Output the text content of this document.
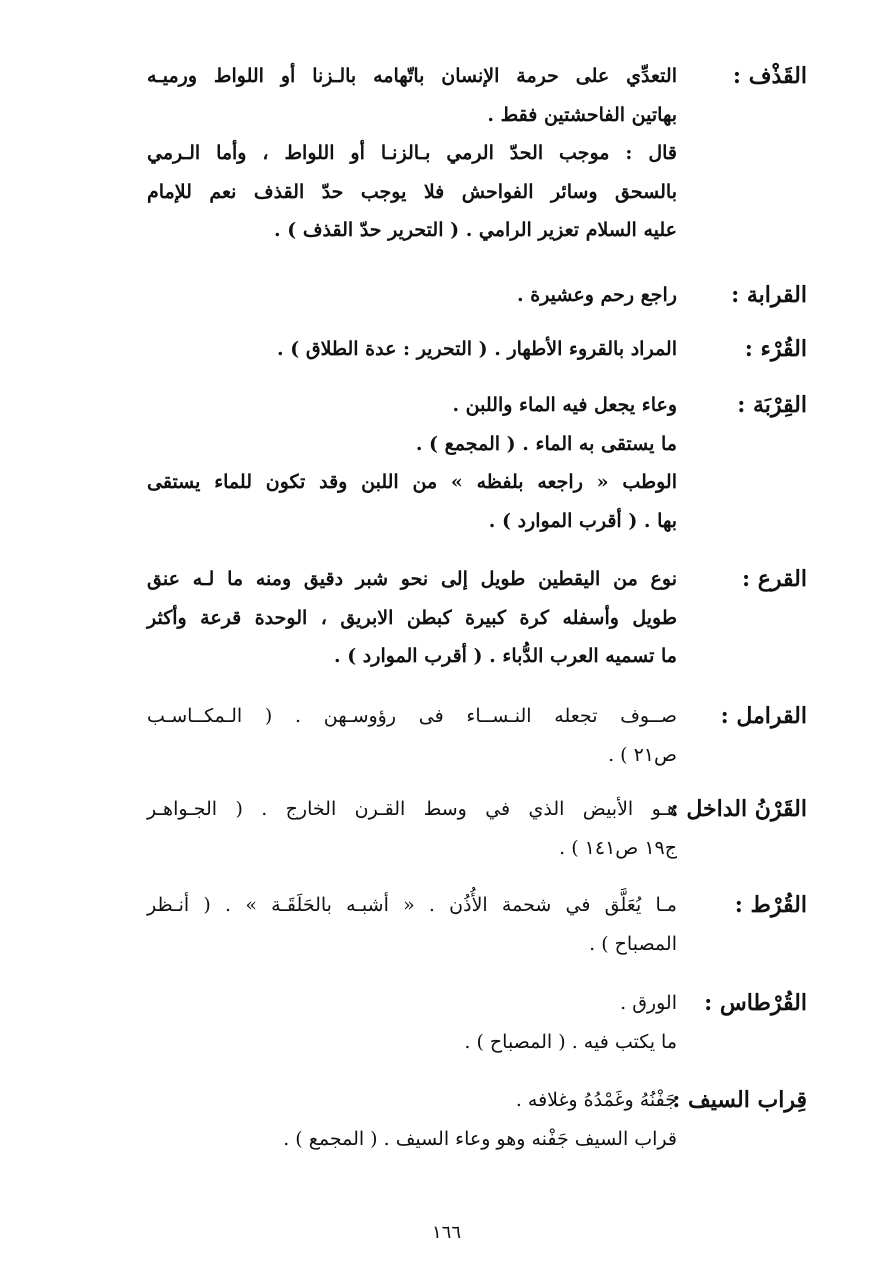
القَذْف :
التعدِّي على حرمة الإنسان باتّهامه بالـزنا أو اللواط ورميـه
بهاتين الفاحشتين فقط .
قال : موجب الحدّ الرمي بـالزنـا أو اللواط ، وأما الـرمي
بالسحق وسائر الفواحش فلا يوجب حدّ القذف نعم للإمام
عليه السلام تعزير الرامي . ( التحرير حدّ القذف ) .
القرابة :
راجع رحم وعشيرة .
القُرْء :
المراد بالقروء الأطهار . ( التحرير : عدة الطلاق ) .
القِرْبَة :
وعاء يجعل فيه الماء واللبن .
ما يستقى به الماء . ( المجمع ) .
الوطب « راجعه بلفظه » من اللبن وقد تكون للماء يستقى
بها . ( أقرب الموارد ) .
القرع :
نوع من اليقطين طويل إلى نحو شبر دقيق ومنه ما لـه عنق
طويل وأسفله كرة كبيرة كبطن الابريق ، الوحدة قرعة وأكثر
ما تسميه العرب الدُّباء . ( أقرب الموارد ) .
القرامل :
صــوف تجعله النـســاء فى رؤوسـهن . ( الـمكــاسـب
ص٢١ ) .
القَرْنُ الداخل :
هـو الأبيض الذي في وسط القـرن الخارج . ( الجـواهـر
ج١٩ ص١٤١ ) .
القُرْط :
مـا يُعَلَّق في شحمة الأُذُن . « أشبـه بالحَلَقَـة » . ( أنـظر
المصباح ) .
القُرْطاس :
الورق .
ما يكتب فيه . ( المصباح ) .
قِراب السيف :
جَفْنُهُ وغَمْدُهُ وغلافه .
قراب السيف جَفْنه وهو وعاء السيف . ( المجمع ) .
١٦٦
